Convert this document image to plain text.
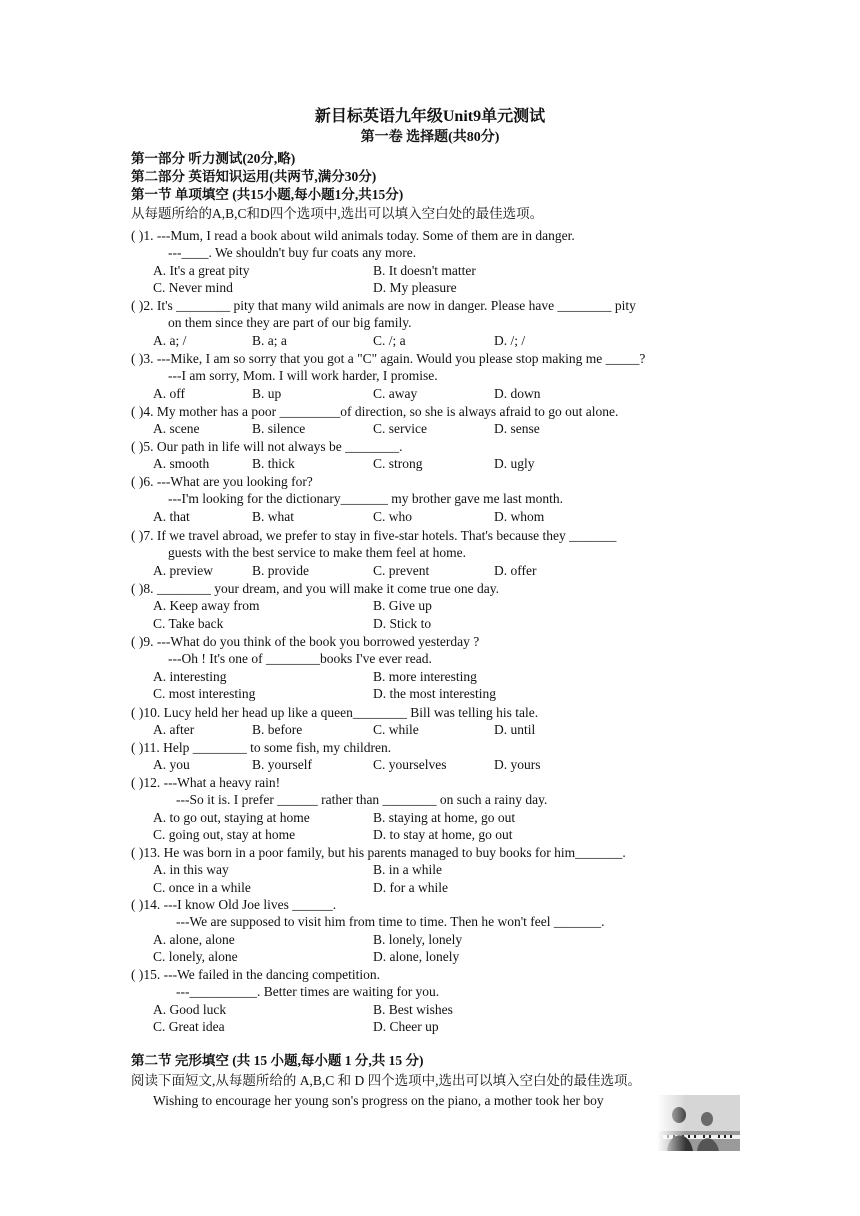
新目标英语九年级Unit9单元测试
第一卷 选择题(共80分)
第一部分 听力测试(20分,略)
第二部分 英语知识运用(共两节,满分30分)
第一节 单项填空 (共15小题,每小题1分,共15分)
从每题所给的A,B,C和D四个选项中,选出可以填入空白处的最佳选项。
( )1. ---Mum, I read a book about wild animals today. Some of them are in danger.
---____. We shouldn't buy fur coats any more.
A. It's a great pity	B. It doesn't matter
C. Never mind	D. My pleasure
( )2. It's ________ pity that many wild animals are now in danger. Please have ________ pity
on them since they are part of our big family.
A. a; /	B. a; a	C. /; a	D. /; /
( )3. ---Mike, I am so sorry that you got a "C" again. Would you please stop making me _____?
---I am sorry, Mom. I will work harder, I promise.
A. off	B. up	C. away	D. down
( )4. My mother has a poor _________of direction, so she is always afraid to go out alone.
A. scene	B. silence	C. service	D. sense
( )5. Our path in life will not always be ________.
A. smooth	B. thick	C. strong	D. ugly
( )6. ---What are you looking for?
---I'm looking for the dictionary_______ my brother gave me last month.
A. that	B. what	C. who	D. whom
( )7. If we travel abroad, we prefer to stay in five-star hotels. That's because they _______
guests with the best service to make them feel at home.
A. preview	B. provide	C. prevent	D. offer
( )8. ________ your dream, and you will make it come true one day.
A. Keep away from	B. Give up
C. Take back	D. Stick to
( )9. ---What do you think of the book you borrowed yesterday ?
---Oh ! It's one of ________books I've ever read.
A. interesting	B. more interesting
C. most interesting	D. the most interesting
( )10. Lucy held her head up like a queen________ Bill was telling his tale.
A. after	B. before	C. while	D. until
( )11. Help ________ to some fish, my children.
A. you	B. yourself	C. yourselves	D. yours
( )12. ---What a heavy rain!
---So it is. I prefer ______ rather than ________ on such a rainy day.
A. to go out, staying at home	B. staying at home, go out
C. going out, stay at home	D. to stay at home, go out
( )13. He was born in a poor family, but his parents managed to buy books for him_______.
A. in this way	B. in a while
C. once in a while	D. for a while
( )14. ---I know Old Joe lives ______.
---We are supposed to visit him from time to time. Then he won't feel _______.
A. alone, alone	B. lonely, lonely
C. lonely, alone	D. alone, lonely
( )15. ---We failed in the dancing competition.
---__________. Better times are waiting for you.
A. Good luck	B. Best wishes
C. Great idea	D. Cheer up
第二节 完形填空 (共 15 小题,每小题 1 分,共 15 分)
阅读下面短文,从每题所给的 A,B,C 和 D 四个选项中,选出可以填入空白处的最佳选项。
Wishing to encourage her young son's progress on the piano, a mother took her boy
